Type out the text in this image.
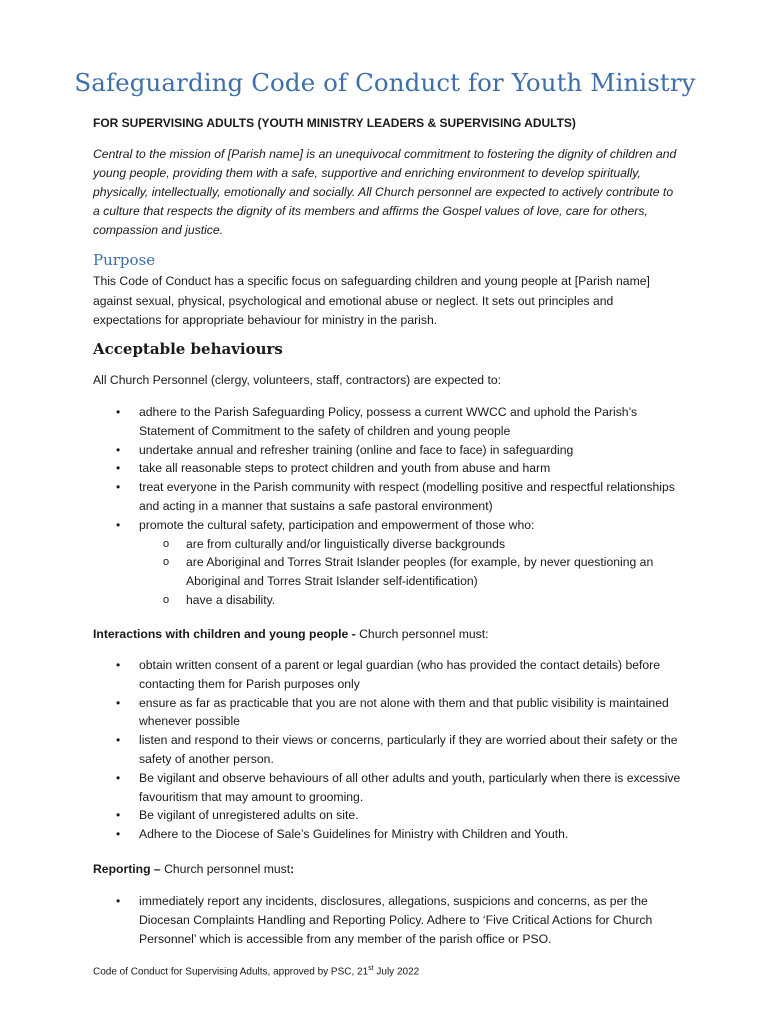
Safeguarding Code of Conduct for Youth Ministry

FOR SUPERVISING ADULTS (YOUTH MINISTRY LEADERS & SUPERVISING ADULTS)

Central to the mission of [Parish name] is an unequivocal commitment to fostering the dignity of children and young people, providing them with a safe, supportive and enriching environment to develop spiritually, physically, intellectually, emotionally and socially. All Church personnel are expected to actively contribute to a culture that respects the dignity of its members and affirms the Gospel values of love, care for others, compassion and justice.

Purpose

This Code of Conduct has a specific focus on safeguarding children and young people at [Parish name] against sexual, physical, psychological and emotional abuse or neglect. It sets out principles and expectations for appropriate behaviour for ministry in the parish.

Acceptable behaviours

All Church Personnel (clergy, volunteers, staff, contractors) are expected to:

• adhere to the Parish Safeguarding Policy, possess a current WWCC and uphold the Parish’s Statement of Commitment to the safety of children and young people
• undertake annual and refresher training (online and face to face) in safeguarding
• take all reasonable steps to protect children and youth from abuse and harm
• treat everyone in the Parish community with respect (modelling positive and respectful relationships and acting in a manner that sustains a safe pastoral environment)
• promote the cultural safety, participation and empowerment of those who:
o are from culturally and/or linguistically diverse backgrounds
o are Aboriginal and Torres Strait Islander peoples (for example, by never questioning an Aboriginal and Torres Strait Islander self-identification)
o have a disability.

Interactions with children and young people - Church personnel must:

• obtain written consent of a parent or legal guardian (who has provided the contact details) before contacting them for Parish purposes only
• ensure as far as practicable that you are not alone with them and that public visibility is maintained whenever possible
• listen and respond to their views or concerns, particularly if they are worried about their safety or the safety of another person.
• Be vigilant and observe behaviours of all other adults and youth, particularly when there is excessive favouritism that may amount to grooming.
• Be vigilant of unregistered adults on site.
• Adhere to the Diocese of Sale’s Guidelines for Ministry with Children and Youth.

Reporting – Church personnel must:

• immediately report any incidents, disclosures, allegations, suspicions and concerns, as per the Diocesan Complaints Handling and Reporting Policy. Adhere to ‘Five Critical Actions for Church Personnel’ which is accessible from any member of the parish office or PSO.

Code of Conduct for Supervising Adults, approved by PSC, 21st July 2022
